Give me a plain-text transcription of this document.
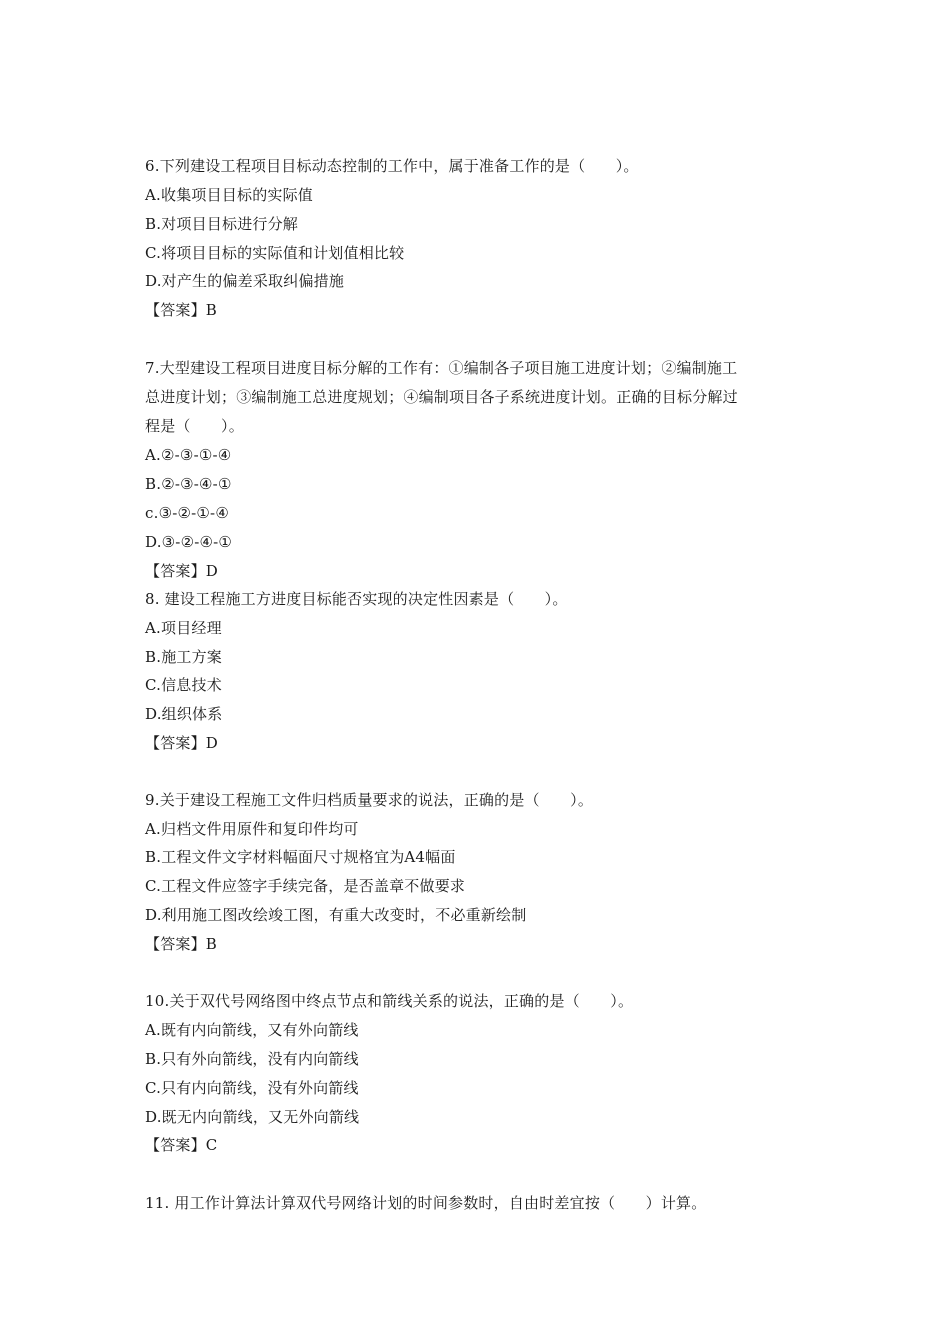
6.下列建设工程项目目标动态控制的工作中，属于准备工作的是（　　）。
A.收集项目目标的实际值
B.对项目目标进行分解
C.将项目目标的实际值和计划值相比较
D.对产生的偏差采取纠偏措施
【答案】B
7.大型建设工程项目进度目标分解的工作有：①编制各子项目施工进度计划；②编制施工
总进度计划；③编制施工总进度规划；④编制项目各子系统进度计划。正确的目标分解过
程是（　　）。
A.②-③-①-④
B.②-③-④-①
c.③-②-①-④
D.③-②-④-①
【答案】D
8. 建设工程施工方进度目标能否实现的决定性因素是（　　）。
A.项目经理
B.施工方案
C.信息技术
D.组织体系
【答案】D
9.关于建设工程施工文件归档质量要求的说法，正确的是（　　）。
A.归档文件用原件和复印件均可
B.工程文件文字材料幅面尺寸规格宜为A4幅面
C.工程文件应签字手续完备，是否盖章不做要求
D.利用施工图改绘竣工图，有重大改变时，不必重新绘制
【答案】B
10.关于双代号网络图中终点节点和箭线关系的说法，正确的是（　　）。
A.既有内向箭线，又有外向箭线
B.只有外向箭线，没有内向箭线
C.只有内向箭线，没有外向箭线
D.既无内向箭线，又无外向箭线
【答案】C
11. 用工作计算法计算双代号网络计划的时间参数时，自由时差宜按（　　）计算。
